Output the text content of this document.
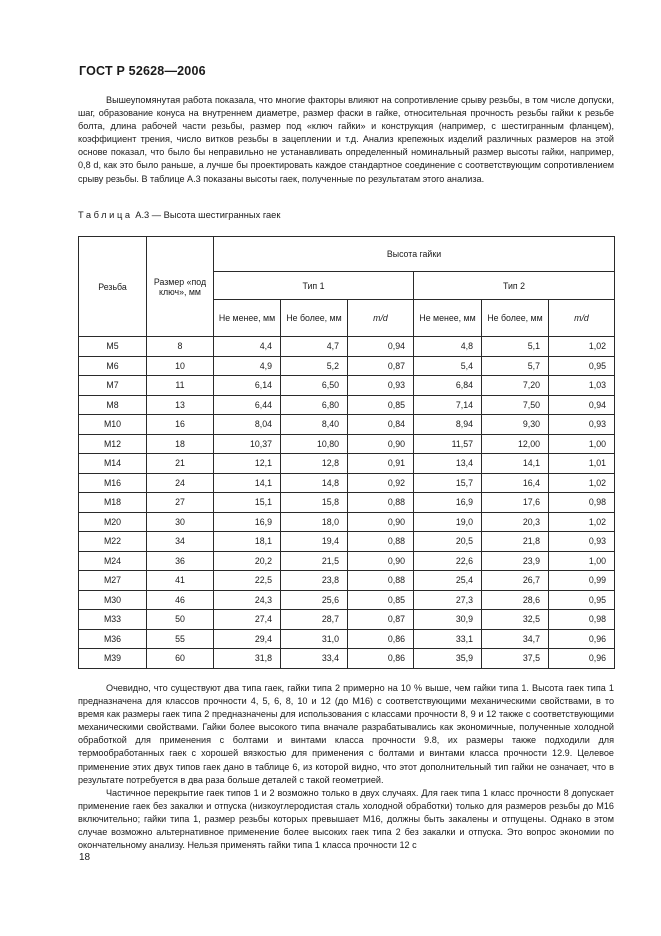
ГОСТ Р 52628—2006

Вышеупомянутая работа показала, что многие факторы влияют на сопротивление срыву резьбы, в том числе допуски, шаг, образование конуса на внутреннем диаметре, размер фаски в гайке, относительная прочность резьбы гайки к резьбе болта, длина рабочей части резьбы, размер под «ключ гайки» и конструкция (например, с шестигранным фланцем), коэффициент трения, число витков резьбы в зацеплении и т.д. Анализ крепежных изделий различных размеров на этой основе показал, что было бы неправильно не устанавливать определенный номинальный размер высоты гайки, например, 0,8 d, как это было раньше, а лучше бы проектировать каждое стандартное соединение с соответствующим сопротивлением срыву резьбы. В таблице А.3 показаны высоты гаек, полученные по результатам этого анализа.

Таблица А.3 — Высота шестигранных гаек
Резьба	Размер «под ключ», мм	Высота гайки					
		Тип 1			Тип 2		
		Не менее, мм	Не более, мм	m/d	Не менее, мм	Не более, мм	m/d
М5	8	4,4	4,7	0,94	4,8	5,1	1,02
М6	10	4,9	5,2	0,87	5,4	5,7	0,95
М7	11	6,14	6,50	0,93	6,84	7,20	1,03
М8	13	6,44	6,80	0,85	7,14	7,50	0,94
М10	16	8,04	8,40	0,84	8,94	9,30	0,93
М12	18	10,37	10,80	0,90	11,57	12,00	1,00
М14	21	12,1	12,8	0,91	13,4	14,1	1,01
М16	24	14,1	14,8	0,92	15,7	16,4	1,02
М18	27	15,1	15,8	0,88	16,9	17,6	0,98
М20	30	16,9	18,0	0,90	19,0	20,3	1,02
М22	34	18,1	19,4	0,88	20,5	21,8	0,93
М24	36	20,2	21,5	0,90	22,6	23,9	1,00
М27	41	22,5	23,8	0,88	25,4	26,7	0,99
М30	46	24,3	25,6	0,85	27,3	28,6	0,95
М33	50	27,4	28,7	0,87	30,9	32,5	0,98
М36	55	29,4	31,0	0,86	33,1	34,7	0,96
М39	60	31,8	33,4	0,86	35,9	37,5	0,96

Очевидно, что существуют два типа гаек, гайки типа 2 примерно на 10 % выше, чем гайки типа 1. Высота гаек типа 1 предназначена для классов прочности 4, 5, 6, 8, 10 и 12 (до М16) с соответствующими механическими свойствами, в то время как размеры гаек типа 2 предназначены для использования с классами прочности 8, 9 и 12 также с соответствующими механическими свойствами. Гайки более высокого типа вначале разрабатывались как экономичные, полученные холодной обработкой для применения с болтами и винтами класса прочности 9.8, их размеры также подходили для термообработанных гаек с хорошей вязкостью для применения с болтами и винтами класса прочности 12.9. Целевое применение этих двух типов гаек дано в таблице 6, из которой видно, что этот дополнительный тип гайки не означает, что в результате потребуется в два раза больше деталей с такой геометрией.

Частичное перекрытие гаек типов 1 и 2 возможно только в двух случаях. Для гаек типа 1 класс прочности 8 допускает применение гаек без закалки и отпуска (низкоуглеродистая сталь холодной обработки) только для размеров резьбы до М16 включительно; гайки типа 1, размер резьбы которых превышает М16, должны быть закалены и отпущены. Однако в этом случае возможно альтернативное применение более высоких гаек типа 2 без закалки и отпуска. Это вопрос экономии по окончательному анализу. Нельзя применять гайки типа 1 класса прочности 12 с

18
